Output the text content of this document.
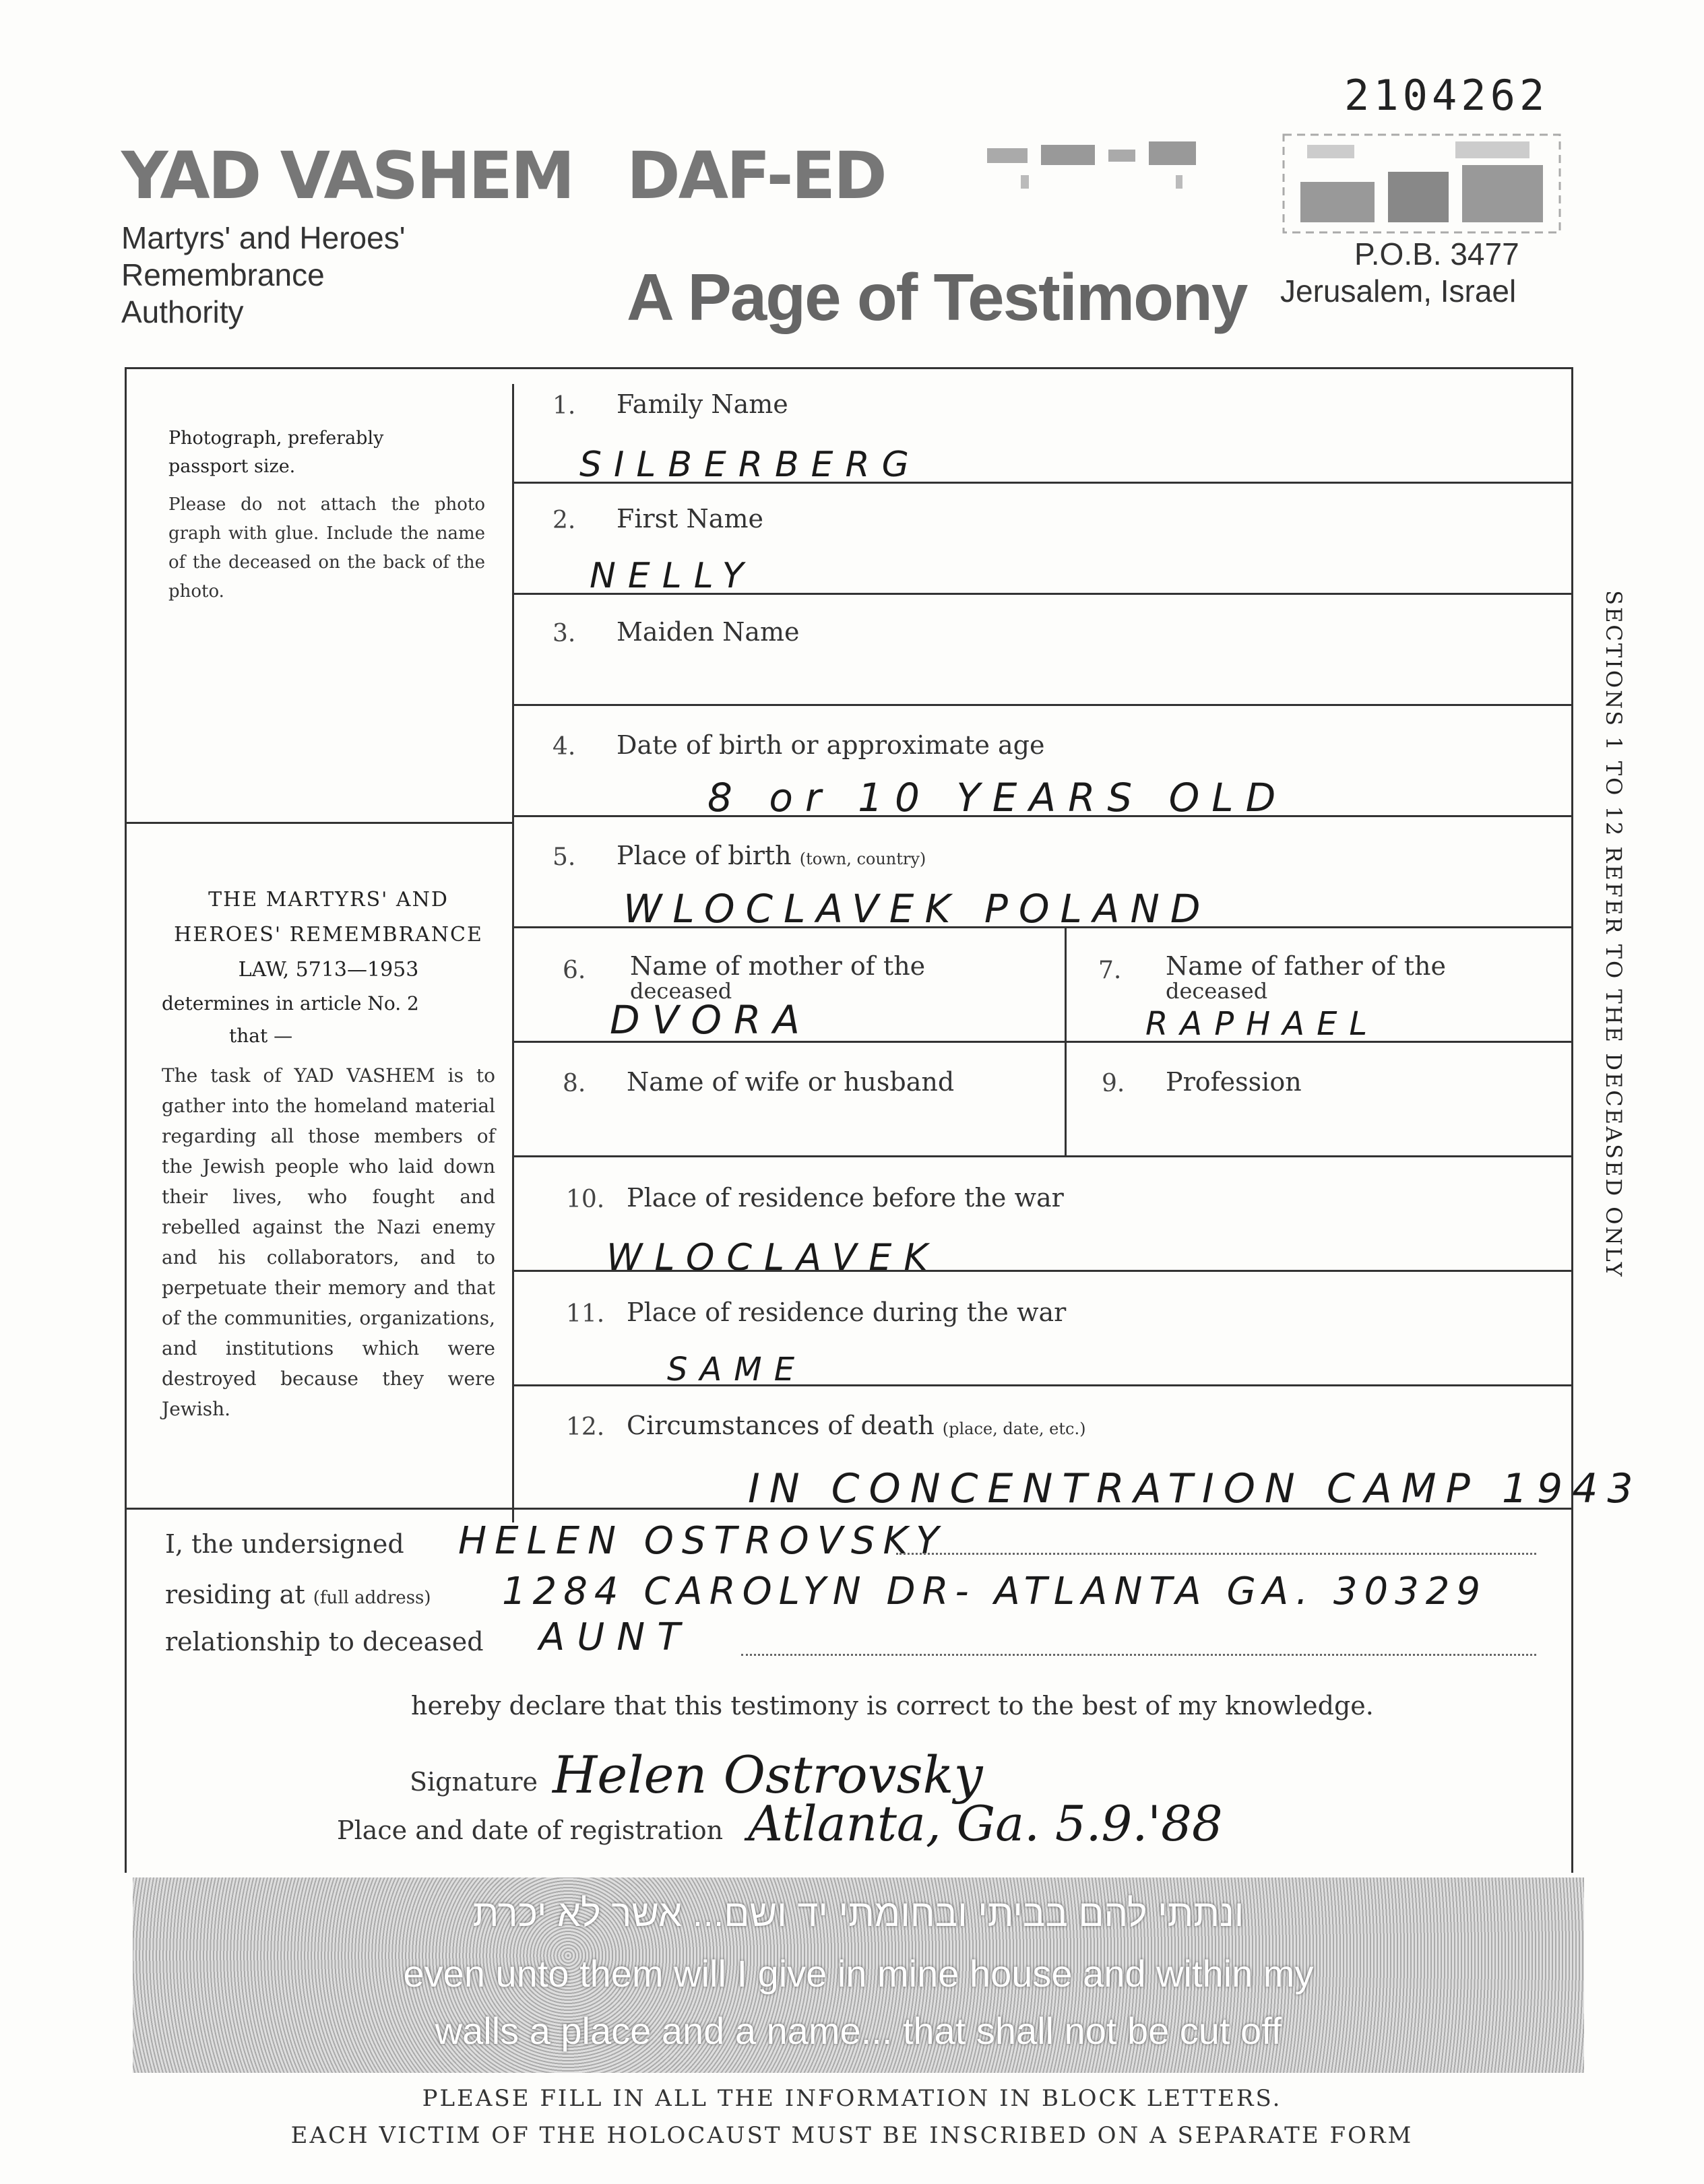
2104262
YAD VASHEM
Martyrs' and Heroes'
Remembrance
Authority
DAF-ED
A Page of Testimony
P.O.B. 3477
Jerusalem, Israel
Photograph, preferably
passport size.
Please do not attach the photo graph with glue. Include the name of the deceased on the back of the photo.
THE MARTYRS' AND
HEROES' REMEMBRANCE
LAW, 5713—1953
determines in article No. 2
that —
The task of YAD VASHEM is to gather into the homeland material regarding all those members of the Jewish people who laid down their lives, who fought and rebelled against the Nazi enemy and his collaborators, and to perpetuate their memory and that of the communities, organizations, and institutions which were destroyed because they were Jewish.
1. Family Name
SILBERBERG
2. First Name
NELLY
3. Maiden Name
4. Date of birth or approximate age
8 or 10 YEARS OLD
5. Place of birth (town, country)
WLOCLAVEK POLAND
6. Name of mother of the
deceased
DVORA
7. Name of father of the
deceased
RAPHAEL
8. Name of wife or husband	9. Profession
10. Place of residence before the war
WLOCLAVEK
11. Place of residence during the war
SAME
12. Circumstances of death (place, date, etc.)
IN CONCENTRATION CAMP 1943
SECTIONS 1 TO 12 REFER TO THE DECEASED ONLY
I, the undersigned HELEN OSTROVSKY
residing at (full address) 1284 CAROLYN DR- ATLANTA GA. 30329
relationship to deceased AUNT
hereby declare that this testimony is correct to the best of my knowledge.
Signature Helen Ostrovsky
Place and date of registration Atlanta, Ga. 5.9.'88
ונתתי להם בביתי ובחומתי יד ושם... אשר לא יכרת
even unto them will I give in mine house and within my
walls a place and a name... that shall not be cut off
PLEASE FILL IN ALL THE INFORMATION IN BLOCK LETTERS.
EACH VICTIM OF THE HOLOCAUST MUST BE INSCRIBED ON A SEPARATE FORM
